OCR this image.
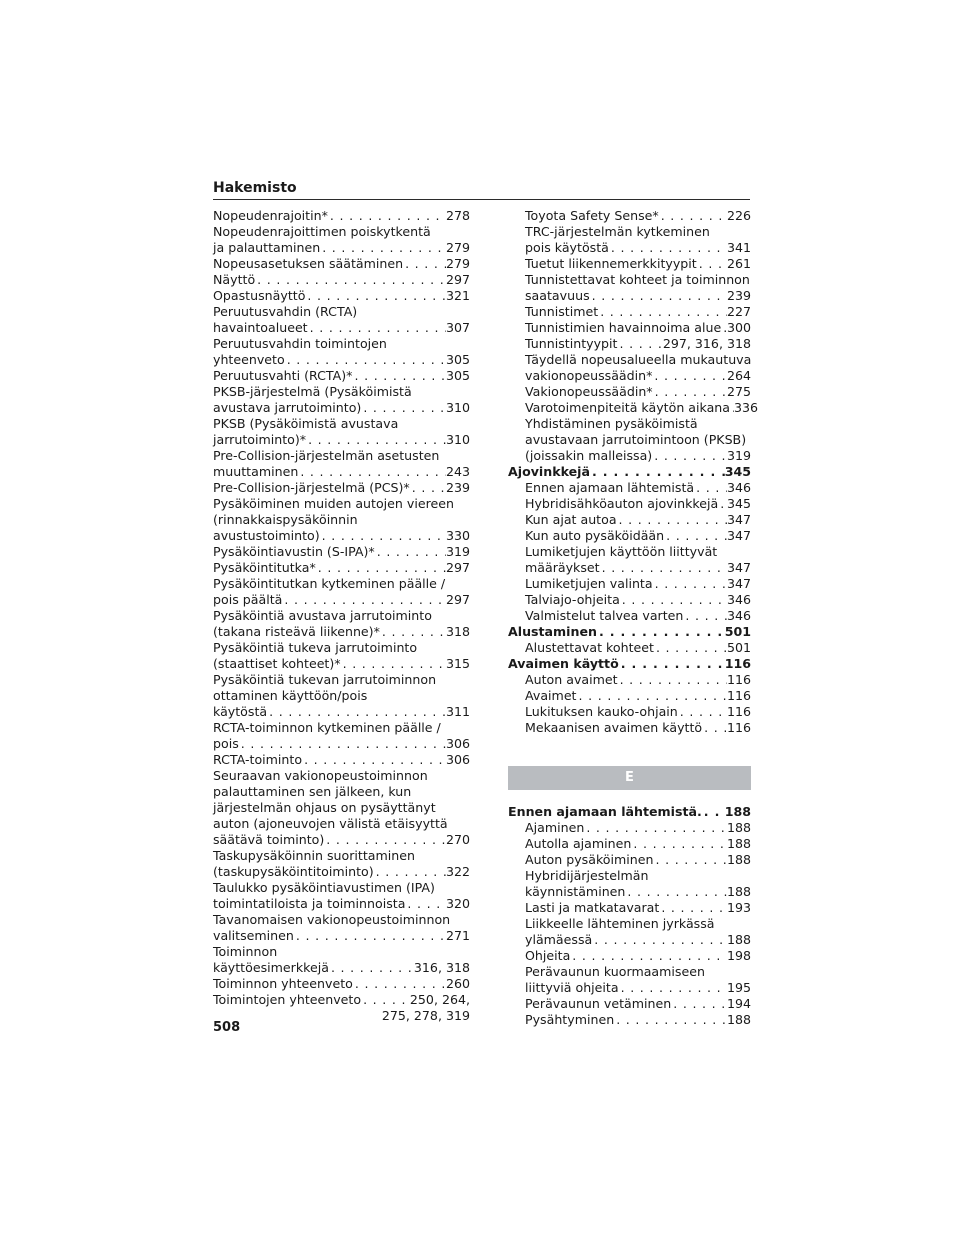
Hakemisto
Nopeudenrajoitin* . . .	278
Nopeudenrajoittimen poiskytkentä
ja palauttaminen . . .	279
Nopeusasetuksen säätäminen . . .	279
Näyttö . . .	297
Opastusnäyttö . . .	321
Peruutusvahdin (RCTA)
havaintoalueet . . .	307
Peruutusvahdin toimintojen
yhteenveto . . .	305
Peruutusvahti (RCTA)* . . .	305
PKSB-järjestelmä (Pysäköimistä
avustava jarrutoiminto) . . .	310
PKSB (Pysäköimistä avustava
jarrutoiminto)* . . .	310
Pre-Collision-järjestelmän asetusten
muuttaminen . . .	243
Pre-Collision-järjestelmä (PCS)* . . .	239
Pysäköiminen muiden autojen viereen
(rinnakkaispysäköinnin
avustustoiminto) . . .	330
Pysäköintiavustin (S-IPA)* . . .	319
Pysäköintitutka* . . .	297
Pysäköintitutkan kytkeminen päälle /
pois päältä . . .	297
Pysäköintiä avustava jarrutoiminto
(takana risteävä liikenne)* . . .	318
Pysäköintiä tukeva jarrutoiminto
(staattiset kohteet)* . . .	315
Pysäköintiä tukevan jarrutoiminnon
ottaminen käyttöön/pois
käytöstä . . .	311
RCTA-toiminnon kytkeminen päälle /
pois . . .	306
RCTA-toiminto . . .	306
Seuraavan vakionopeustoiminnon
palauttaminen sen jälkeen, kun
järjestelmän ohjaus on pysäyttänyt
auton (ajoneuvojen välistä etäisyyttä
säätävä toiminto) . . .	270
Taskupysäköinnin suorittaminen
(taskupysäköintitoiminto) . . .	322
Taulukko pysäköintiavustimen (IPA)
toimintatiloista ja toiminnoista . . .	320
Tavanomaisen vakionopeustoiminnon
valitseminen . . .	271
Toiminnon
käyttöesimerkkejä . . .	316, 318
Toiminnon yhteenveto . . .	260
Toimintojen yhteenveto . . .	250, 264,
275, 278, 319
Toyota Safety Sense* . . .	226
TRC-järjestelmän kytkeminen
pois käytöstä . . .	341
Tuetut liikennemerkkityypit . . . 261
Tunnistettavat kohteet ja toiminnon
saatavuus . . .	239
Tunnistimet . . .	227
Tunnistimien havainnoima alue . . . 300
Tunnistintyypit . . .	297, 316, 318
Täydellä nopeusalueella mukautuva
vakionopeussäädin* . . .	264
Vakionopeussäädin* . . .	275
Varotoimenpiteitä käytön aikana . . . 336
Yhdistäminen pysäköimistä
avustavaan jarrutoimintoon (PKSB)
(joissakin malleissa) . . .	319
Ajovinkkejä . . .	345
Ennen ajamaan lähtemistä . . .	346
Hybridisähköauton ajovinkkejä . . . 345
Kun ajat autoa . . .	347
Kun auto pysäköidään . . .	347
Lumiketjujen käyttöön liittyvät
määräykset . . .	347
Lumiketjujen valinta . . .	347
Talviajo-ohjeita . . .	346
Valmistelut talvea varten . . .	346
Alustaminen . . .	501
Alustettavat kohteet . . .	501
Avaimen käyttö . . .	116
Auton avaimet . . .	116
Avaimet . . .	116
Lukituksen kauko-ohjain . . .	116
Mekaanisen avaimen käyttö . . . 116
E
Ennen ajamaan lähtemistä. . . . 188
Ajaminen . . .	188
Autolla ajaminen . . .	188
Auton pysäköiminen . . .	188
Hybridijärjestelmän
käynnistäminen . . .	188
Lasti ja matkatavarat . . .	193
Liikkeelle lähteminen jyrkässä
ylämäessä . . .	188
Ohjeita . . .	198
Perävaunun kuormaamiseen
liittyviä ohjeita . . .	195
Perävaunun vetäminen . . .	194
Pysähtyminen . . .	188
508
